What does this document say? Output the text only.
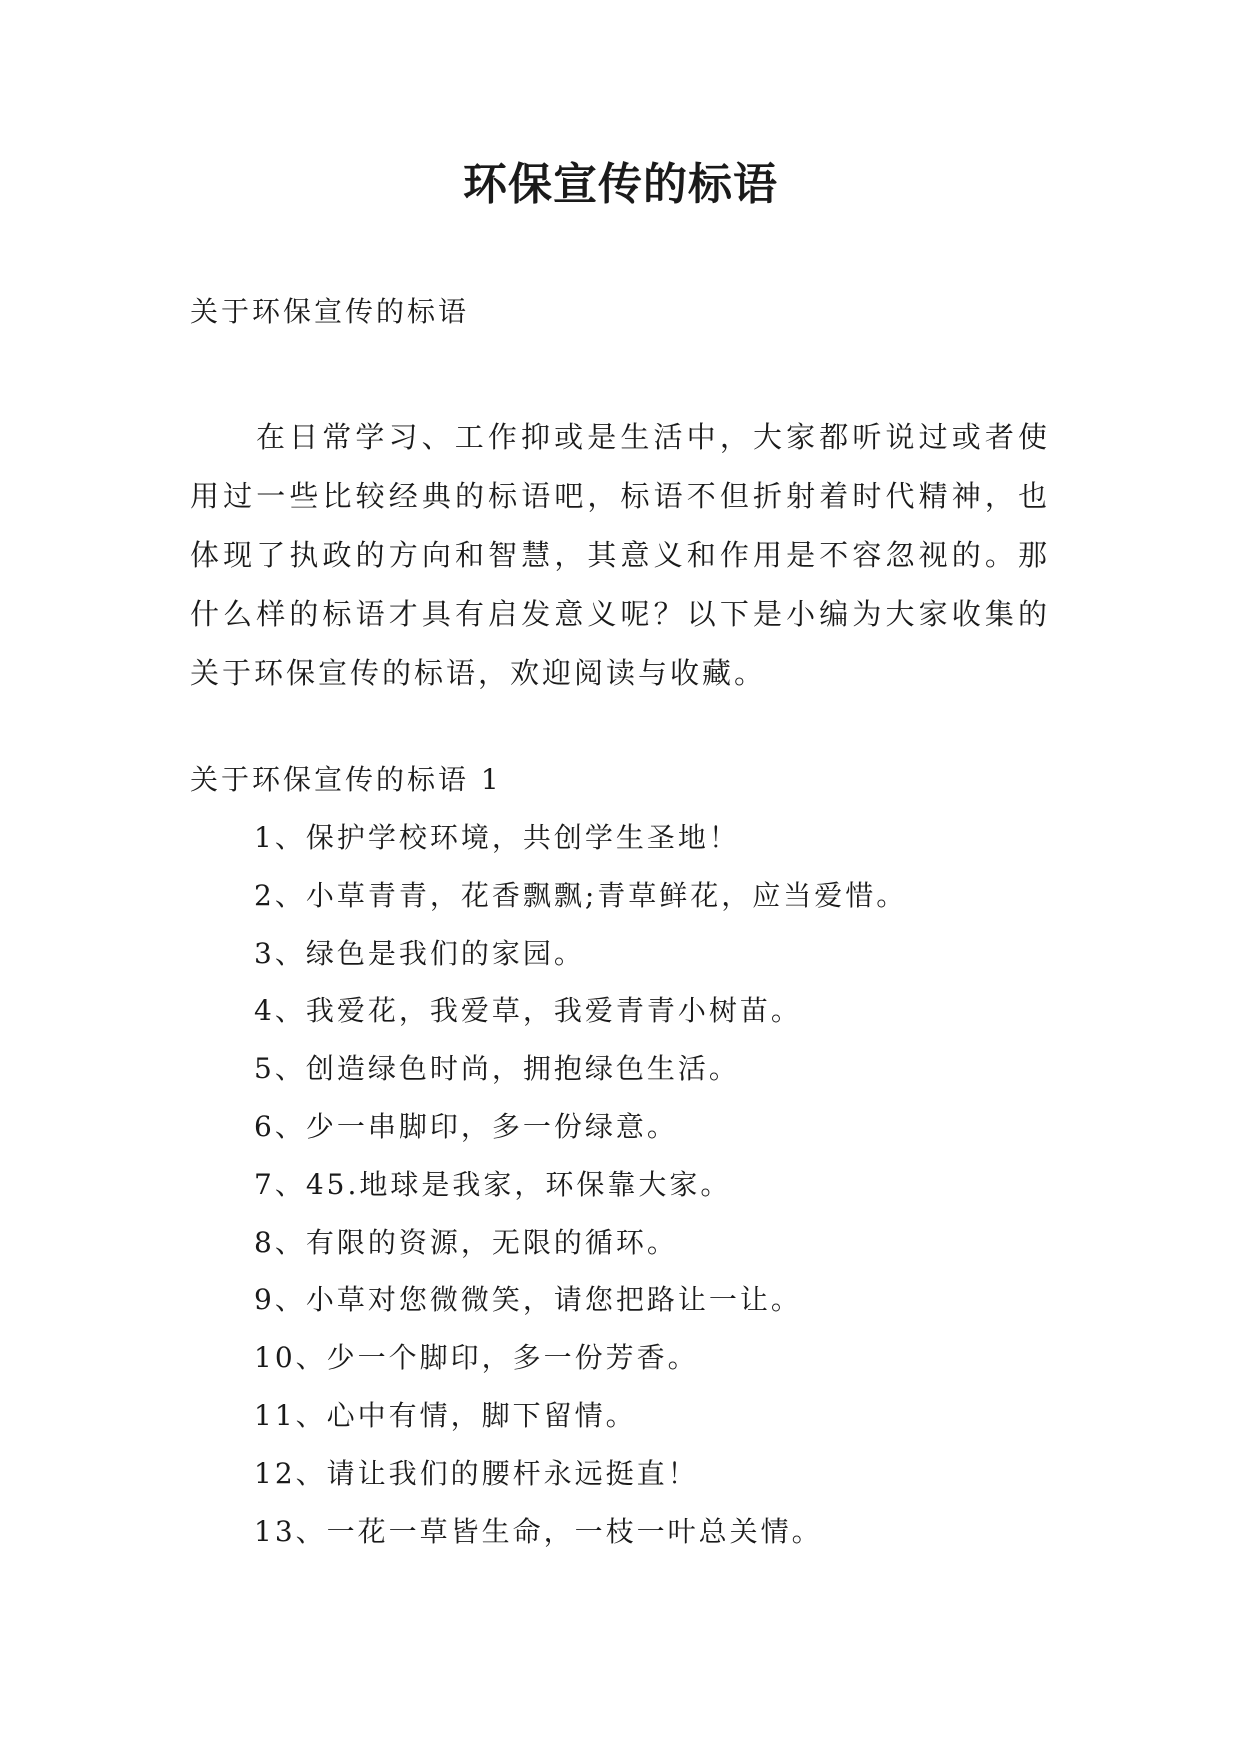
环保宣传的标语
关于环保宣传的标语

在日常学习、工作抑或是生活中，大家都听说过或者使用过一些比较经典的标语吧，标语不但折射着时代精神，也体现了执政的方向和智慧，其意义和作用是不容忽视的。那什么样的标语才具有启发意义呢？以下是小编为大家收集的关于环保宣传的标语，欢迎阅读与收藏。

关于环保宣传的标语 1
1、保护学校环境，共创学生圣地！
2、小草青青，花香飘飘;青草鲜花，应当爱惜。
3、绿色是我们的家园。
4、我爱花，我爱草，我爱青青小树苗。
5、创造绿色时尚，拥抱绿色生活。
6、少一串脚印，多一份绿意。
7、45.地球是我家，环保靠大家。
8、有限的资源，无限的循环。
9、小草对您微微笑，请您把路让一让。
10、少一个脚印，多一份芳香。
11、心中有情，脚下留情。
12、请让我们的腰杆永远挺直！
13、一花一草皆生命，一枝一叶总关情。
